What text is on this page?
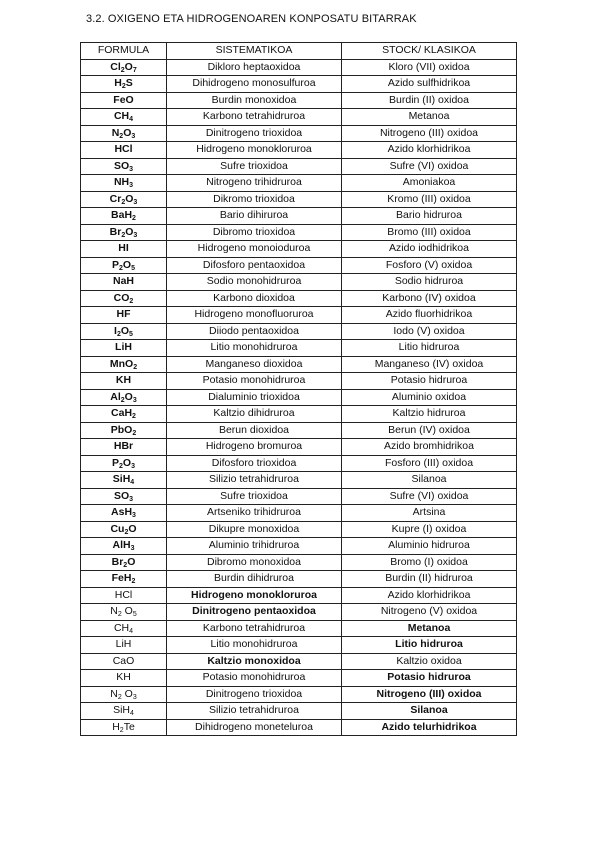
3.2. OXIGENO ETA HIDROGENOAREN KONPOSATU BITARRAK
FORMULA	SISTEMATIKOA	STOCK/ KLASIKOA
$Cl_2O_7$	Dikloro heptaoxidoa	Kloro (VII) oxidoa
$H_2S$	Dihidrogeno monosulfuroa	Azido sulfhidrikoa
FeO	Burdin monoxidoa	Burdin (II) oxidoa
$CH_4$	Karbono tetrahidruroa	Metanoa
$N_2O_3$	Dinitrogeno trioxidoa	Nitrogeno (III) oxidoa
HCl	Hidrogeno monokloruroa	Azido klorhidrikoa
$SO_3$	Sufre trioxidoa	Sufre (VI) oxidoa
$NH_3$	Nitrogeno trihidruroa	Amoniakoa
$Cr_2O_3$	Dikromo trioxidoa	Kromo (III) oxidoa
BaH$_2$	Bario dihiruroa	Bario hidruroa
$Br_2O_3$	Dibromo trioxidoa	Bromo (III) oxidoa
HI	Hidrogeno monoioduroa	Azido iodhidrikoa
$P_2O_5$	Difosforo pentaoxidoa	Fosforo (V) oxidoa
NaH	Sodio monohidruroa	Sodio hidruroa
$CO_2$	Karbono dioxidoa	Karbono (IV) oxidoa
HF	Hidrogeno monofluoruroa	Azido fluorhidrikoa
$I_2O_5$	Diiodo pentaoxidoa	Iodo (V) oxidoa
LiH	Litio monohidruroa	Litio hidruroa
MnO$_2$	Manganeso dioxidoa	Manganeso (IV) oxidoa
KH	Potasio monohidruroa	Potasio hidruroa
$Al_2O_3$	Dialuminio trioxidoa	Aluminio oxidoa
CaH$_2$	Kaltzio dihidruroa	Kaltzio hidruroa
PbO$_2$	Berun dioxidoa	Berun (IV) oxidoa
HBr	Hidrogeno bromuroa	Azido bromhidrikoa
$P_2O_3$	Difosforo trioxidoa	Fosforo (III) oxidoa
SiH$_4$	Silizio tetrahidruroa	Silanoa
$SO_3$	Sufre trioxidoa	Sufre (VI) oxidoa
AsH$_3$	Artseniko trihidruroa	Artsina
$Cu_2O$	Dikupre monoxidoa	Kupre (I) oxidoa
AlH$_3$	Aluminio trihidruroa	Aluminio hidruroa
$Br_2O$	Dibromo monoxidoa	Bromo (I) oxidoa
FeH$_2$	Burdin dihidruroa	Burdin (II) hidruroa
HCl	Hidrogeno monokloruroa	Azido klorhidrikoa
$N_2$ $O_5$	Dinitrogeno pentaoxidoa	Nitrogeno (V) oxidoa
$CH_4$	Karbono tetrahidruroa	Metanoa
LiH	Litio monohidruroa	Litio hidruroa
CaO	Kaltzio monoxidoa	Kaltzio oxidoa
KH	Potasio monohidruroa	Potasio hidruroa
$N_2$ $O_3$	Dinitrogeno trioxidoa	Nitrogeno (III) oxidoa
SiH$_4$	Silizio tetrahidruroa	Silanoa
$H_2Te$	Dihidrogeno moneteluroa	Azido telurhidrikoa
